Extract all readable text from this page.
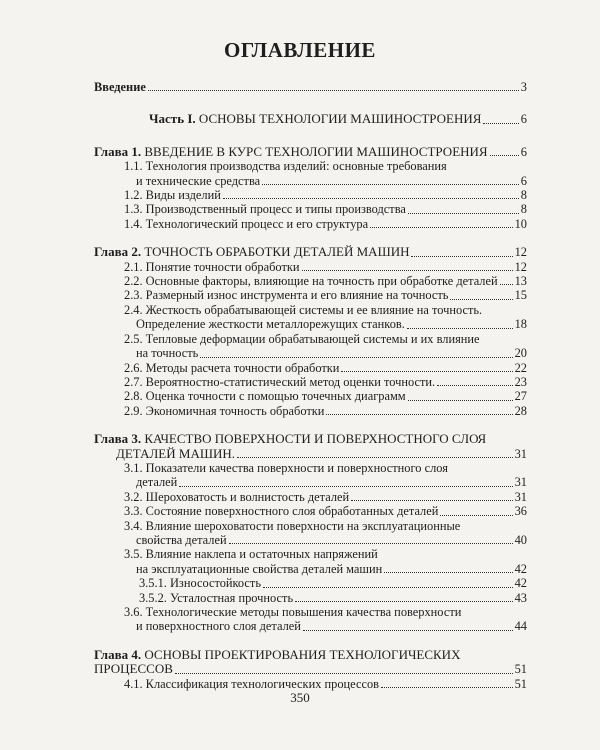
ОГЛАВЛЕНИЕ
Введение	3
Часть I. ОСНОВЫ ТЕХНОЛОГИИ МАШИНОСТРОЕНИЯ	6
Глава 1. ВВЕДЕНИЕ В КУРС ТЕХНОЛОГИИ МАШИНОСТРОЕНИЯ	6
1.1. Технология производства изделий: основные требования
и технические средства	6
1.2. Виды изделий	8
1.3. Производственный процесс и типы производства	8
1.4. Технологический процесс и его структура	10
Глава 2. ТОЧНОСТЬ ОБРАБОТКИ ДЕТАЛЕЙ МАШИН	12
2.1. Понятие точности обработки	12
2.2. Основные факторы, влияющие на точность при обработке деталей 13
2.3. Размерный износ инструмента и его влияние на точность	15
2.4. Жесткость обрабатывающей системы и ее влияние на точность.
Определение жесткости металлорежущих станков.	18
2.5. Тепловые деформации обрабатывающей системы и их влияние
на точность	20
2.6. Методы расчета точности обработки	22
2.7. Вероятностно-статистический метод оценки точности.	23
2.8. Оценка точности с помощью точечных диаграмм	27
2.9. Экономичная точность обработки	28
Глава 3. КАЧЕСТВО ПОВЕРХНОСТИ И ПОВЕРХНОСТНОГО СЛОЯ
ДЕТАЛЕЙ МАШИН.	31
3.1. Показатели качества поверхности и поверхностного слоя
деталей	31
3.2. Шероховатость и волнистость деталей	31
3.3. Состояние поверхностного слоя обработанных деталей	36
3.4. Влияние шероховатости поверхности на эксплуатационные
свойства деталей	40
3.5. Влияние наклепа и остаточных напряжений
на эксплуатационные свойства деталей машин	42
3.5.1. Износостойкость	42
3.5.2. Усталостная прочность	43
3.6. Технологические методы повышения качества поверхности
и поверхностного слоя деталей	44
Глава 4. ОСНОВЫ ПРОЕКТИРОВАНИЯ ТЕХНОЛОГИЧЕСКИХ
ПРОЦЕССОВ	51
4.1. Классификация технологических процессов	51
350
